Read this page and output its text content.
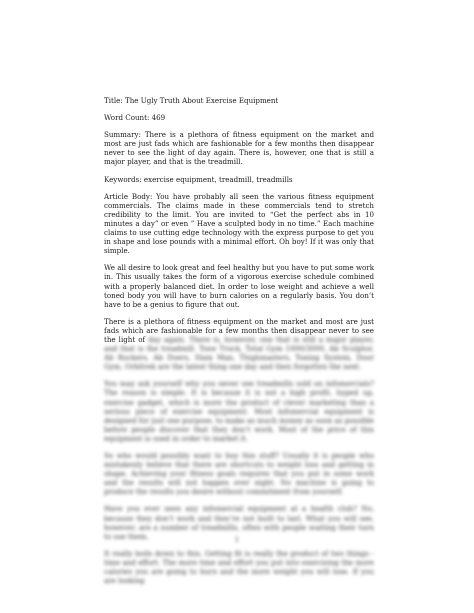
Title: The Ugly Truth About Exercise Equipment

Word Count: 469

Summary: There is a plethora of fitness equipment on the market and most are just fads which are fashionable for a few months then disappear never to see the light of day again. There is, however, one that is still a major player, and that is the treadmill.

Keywords: exercise equipment, treadmill, treadmills

Article Body: You have probably all seen the various fitness equipment commercials. The claims made in these commercials tend to stretch credibility to the limit. You are invited to “Get the perfect abs in 10 minutes a day” or even ” Have a sculpted body in no time.” Each machine claims to use cutting edge technology with the express purpose to get you in shape and lose pounds with a minimal effort. Oh boy! If it was only that simple.

We all desire to look great and feel healthy but you have to put some work in. This usually takes the form of a vigorous exercise schedule combined with a properly balanced diet. In order to lose weight and achieve a well toned body you will have to burn calories on a regularly basis. You don’t have to be a genius to figure that out.

There is a plethora of fitness equipment on the market and most are just fads which are fashionable for a few months then disappear never to see the light of day again. There is, however, one that is still a major player, and that is the treadmill. Tone Truck, Total Gym 1000/3000, Ab Sculptor, Ab Rockers, Ab Doers, Slam Man, Thighmasters, Toning System, Door Gym, Orbitrek are the latest thing one day and then forgotten the next.

You may ask yourself why you never see treadmills sold on infomercials? The reason is simple. It is because it is not a high profit, hyped up, exercise gadget, which is more the product of clever marketing than a serious piece of exercise equipment. Most infomercial equipment is designed for just one purpose, to make as much money as soon as possible before people discover that they don’t work. Most of the price of this equipment is used in order to market it.

So who would possibly want to buy this stuff? Usually it is people who mistakenly believe that there are shortcuts to weight loss and getting in shape. Achieving your fitness goals requires that you put in some work and the results will not happen over night. No machine is going to produce the results you desire without commitment from yourself.

Have you ever seen any infomercial equipment at a health club? No, because they don’t work and they’re not built to last. What you will see, however, are a number of treadmills, often with people waiting their turn to use them.

It really boils down to this. Getting fit is really the product of two things - time and effort. The more time and effort you put into exercising the more calories you are going to burn and the more weight you will lose. If you are looking

1
